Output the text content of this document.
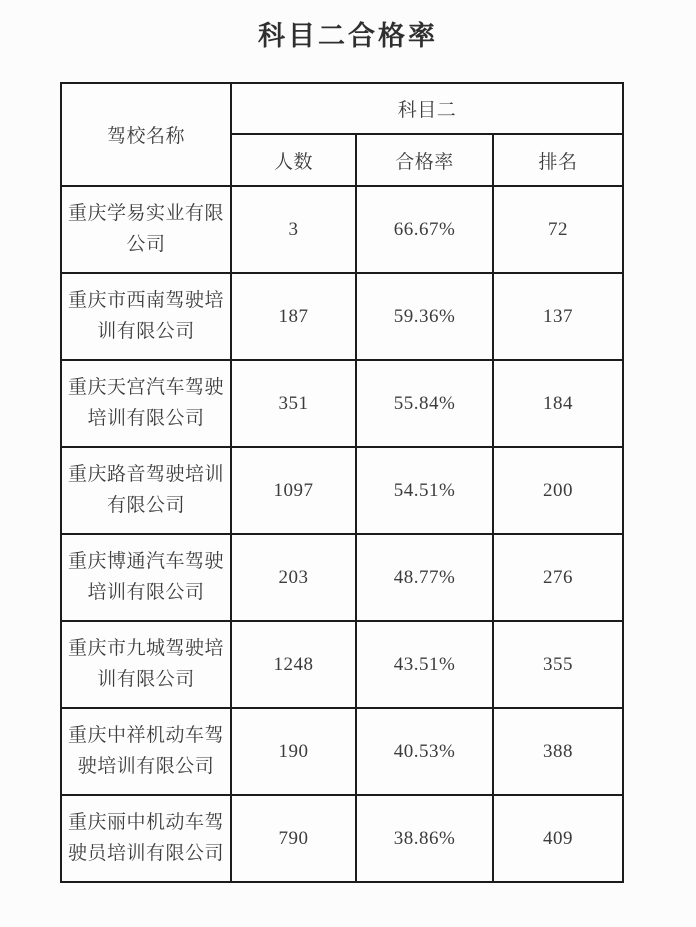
科目二合格率
驾校名称	科目二		
	人数	合格率	排名
重庆学易实业有限公司	3	66.67%	72
重庆市西南驾驶培训有限公司	187	59.36%	137
重庆天宫汽车驾驶培训有限公司	351	55.84%	184
重庆路音驾驶培训有限公司	1097	54.51%	200
重庆博通汽车驾驶培训有限公司	203	48.77%	276
重庆市九城驾驶培训有限公司	1248	43.51%	355
重庆中祥机动车驾驶培训有限公司	190	40.53%	388
重庆丽中机动车驾驶员培训有限公司	790	38.86%	409
